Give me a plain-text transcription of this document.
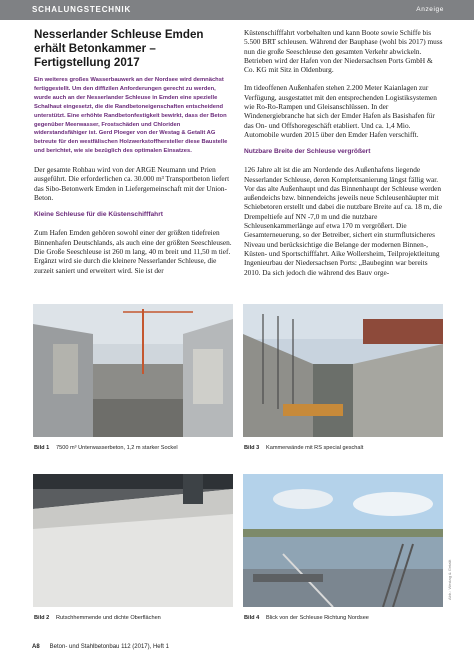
SCHALUNGSTECHNIK	Anzeige
Nesserlander Schleuse Emden erhält Betonkammer – Fertigstellung 2017

Ein weiteres großes Wasserbauwerk an der Nordsee wird demnächst fertiggestellt. Um den diffizilen Anforderungen gerecht zu werden, wurde auch an der Nesserlander Schleuse in Emden eine spezielle Schalhaut eingesetzt, die die Randbetoneigenschaften entscheidend unterstützt. Eine erhöhte Randbetonfestigkeit bewirkt, dass der Beton gegenüber Meerwasser, Frostschäden und Chloriden widerstandsfähiger ist. Gerd Ploeger von der Westag & Getalit AG betreute für den westfälischen Holzwerkstoffhersteller diese Baustelle und berichtet, wie sie bezüglich des optimalen Einsatzes.

Der gesamte Rohbau wird von der ARGE Neumann und Prien ausgeführt. Die erforderlichen ca. 30.000 m³ Transportbeton liefert das Sibo-Betonwerk Emden in Liefergemeinschaft mit der Union-Beton.

Kleine Schleuse für die Küstenschifffahrt

Zum Hafen Emden gehören sowohl einer der größten tidefreien Binnenhafen Deutschlands, als auch eine der größten Seeschleusen. Die Große Seeschleuse ist 260 m lang, 40 m breit und 11,50 m tief. Ergänzt wird sie durch die kleinere Nesserlander Schleuse, die zurzeit saniert und erweitert wird. Sie ist der

Küstenschifffahrt vorbehalten und kann Boote sowie Schiffe bis 5.500 BRT schleusen. Während der Bauphase (wohl bis 2017) muss nun die große Seeschleuse den gesamten Verkehr abwickeln. Betrieben wird der Hafen von der Niedersachsen Ports GmbH & Co. KG mit Sitz in Oldenburg.

Im tideoffenen Außenhafen stehen 2.200 Meter Kaianlagen zur Verfügung, ausgestattet mit den entsprechenden Logistiksystemen wie Ro-Ro-Rampen und Gleisanschlüssen. In der Windenergiebranche hat sich der Emder Hafen als Basishafen für das On- und Offshoregeschäft etabliert. Und ca. 1,4 Mio. Automobile wurden 2015 über den Emder Hafen verschifft.

Nutzbare Breite der Schleuse vergrößert

126 Jahre alt ist die am Nordende des Außenhafens liegende Nesserlander Schleuse, deren Komplettsanierung längst fällig war. Vor das alte Außenhaupt und das Binnenhaupt der Schleuse werden außendeichs bzw. binnendeichs jeweils neue Schleusenhäupter mit Schiebetoren erstellt und dabei die nutzbare Breite auf ca. 18 m, die Drempeltiefe auf NN -7,0 m und die nutzbare Schleusenkammerlänge auf etwa 170 m vergrößert. Die Gesamterneuerung, so der Betreiber, sichert ein sturmflutsicheres Niveau und berücksichtige die Belange der modernen Binnen-, Küsten- und Sportschifffahrt. Aike Wollersheim, Teilprojektleitung Ingenieurbau der Niedersachsen Ports: „Baubeginn war bereits 2010. Da sich jedoch die während des Bauv orge-

Bild 1 7500 m³ Unterwasserbeton, 1,2 m starker Sockel	Bild 3 Kammerwände mit RS special geschalt
Bild 2 Rutschhemmende und dichte Oberflächen	Bild 4 Blick von der Schleuse Richtung Nordsee
Abb.: Westag & Getalit
A8 Beton- und Stahlbetonbau 112 (2017), Heft 1
